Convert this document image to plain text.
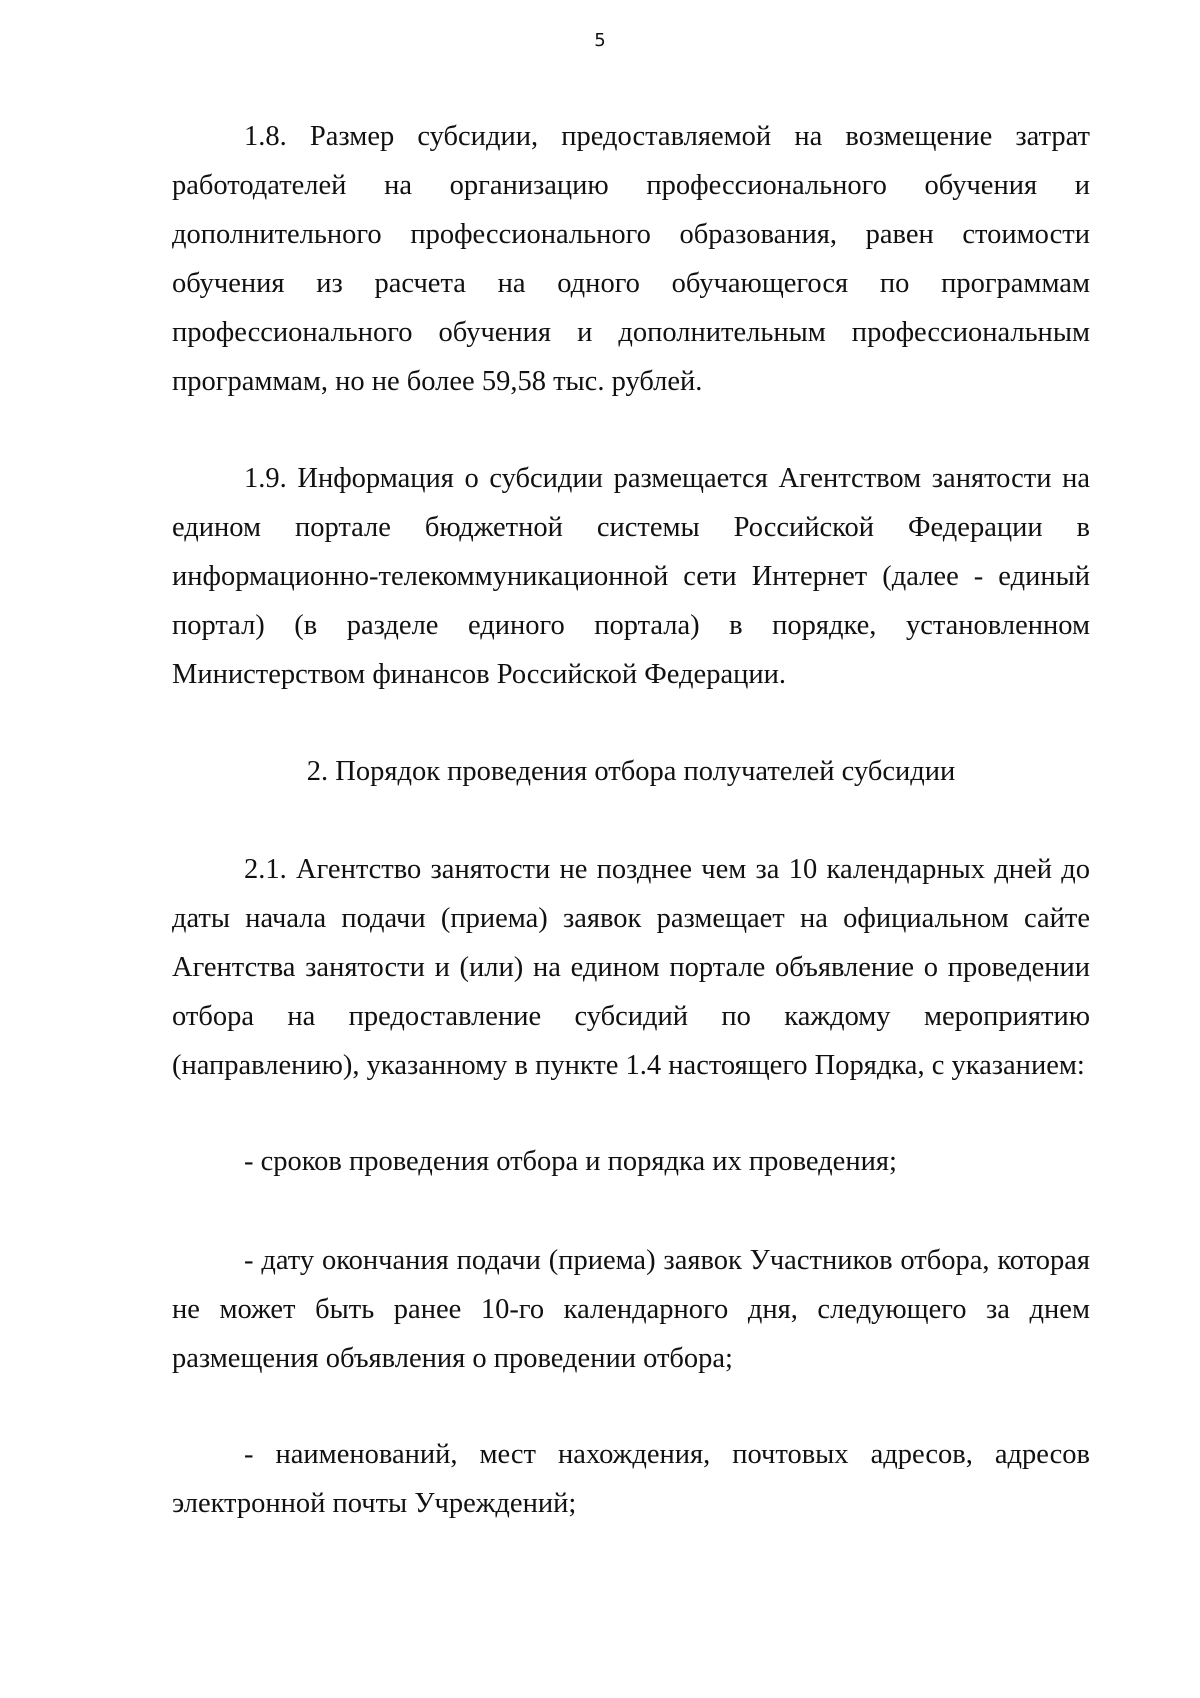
5

1.8. Размер субсидии, предоставляемой на возмещение затрат работодателей на организацию профессионального обучения и дополнительного профессионального образования, равен стоимости обучения из расчета на одного обучающегося по программам профессионального обучения и дополнительным профессиональным программам, но не более 59,58 тыс. рублей.

1.9. Информация о субсидии размещается Агентством занятости на едином портале бюджетной системы Российской Федерации в информационно-телекоммуникационной сети Интернет (далее - единый портал) (в разделе единого портала) в порядке, установленном Министерством финансов Российской Федерации.

2. Порядок проведения отбора получателей субсидии

2.1. Агентство занятости не позднее чем за 10 календарных дней до даты начала подачи (приема) заявок размещает на официальном сайте Агентства занятости и (или) на едином портале объявление о проведении отбора на предоставление субсидий по каждому мероприятию (направлению), указанному в пункте 1.4 настоящего Порядка, с указанием:

- сроков проведения отбора и порядка их проведения;

- дату окончания подачи (приема) заявок Участников отбора, которая не может быть ранее 10-го календарного дня, следующего за днем размещения объявления о проведении отбора;

- наименований, мест нахождения, почтовых адресов, адресов электронной почты Учреждений;
